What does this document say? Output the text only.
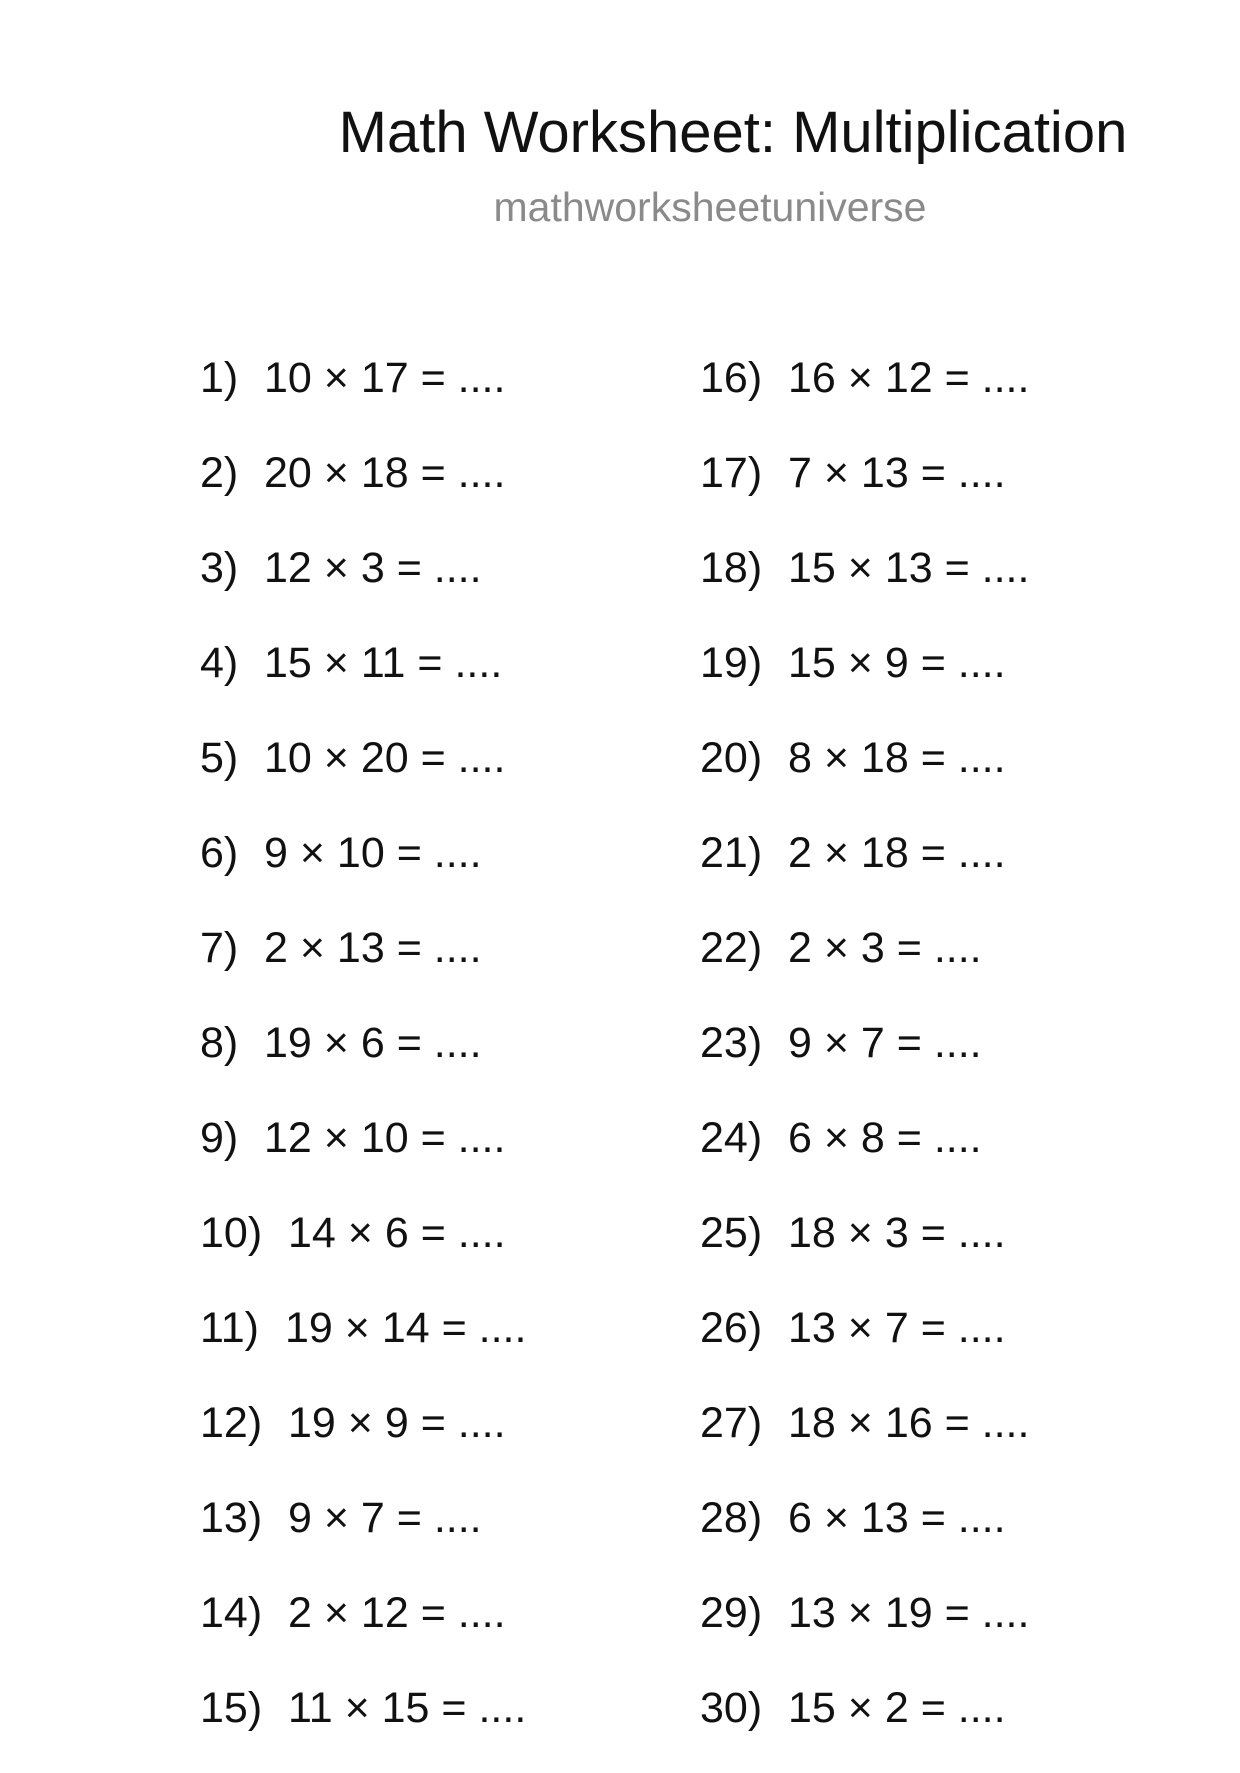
Math Worksheet: Multiplication
mathworksheetuniverse
1) 10 × 17 = ....
2) 20 × 18 = ....
3) 12 × 3 = ....
4) 15 × 11 = ....
5) 10 × 20 = ....
6) 9 × 10 = ....
7) 2 × 13 = ....
8) 19 × 6 = ....
9) 12 × 10 = ....
10) 14 × 6 = ....
11) 19 × 14 = ....
12) 19 × 9 = ....
13) 9 × 7 = ....
14) 2 × 12 = ....
15) 11 × 15 = ....
16) 16 × 12 = ....
17) 7 × 13 = ....
18) 15 × 13 = ....
19) 15 × 9 = ....
20) 8 × 18 = ....
21) 2 × 18 = ....
22) 2 × 3 = ....
23) 9 × 7 = ....
24) 6 × 8 = ....
25) 18 × 3 = ....
26) 13 × 7 = ....
27) 18 × 16 = ....
28) 6 × 13 = ....
29) 13 × 19 = ....
30) 15 × 2 = ....
